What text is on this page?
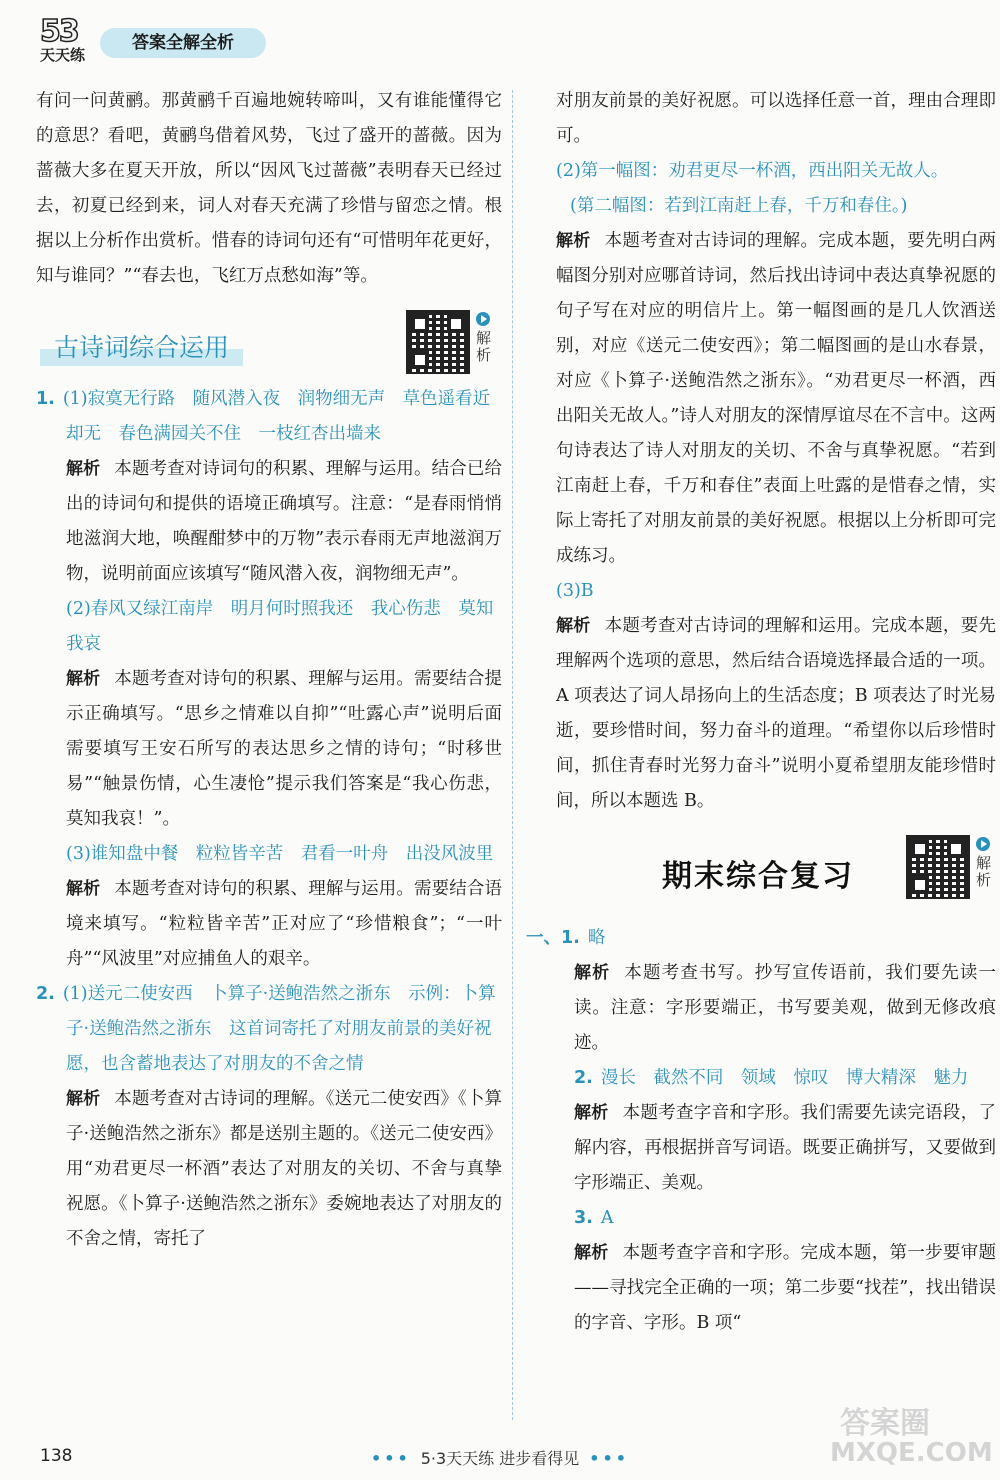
53
天天练
答案全解全析
有问一问黄鹂。那黄鹂千百遍地婉转啼叫，又有谁能懂得它的意思？看吧，黄鹂鸟借着风势，飞过了盛开的蔷薇。因为蔷薇大多在夏天开放，所以“因风飞过蔷薇”表明春天已经过去，初夏已经到来，词人对春天充满了珍惜与留恋之情。根据以上分析作出赏析。惜春的诗词句还有“可惜明年花更好，知与谁同？”“春去也，飞红万点愁如海”等。
古诗词综合运用	解析
1. (1)寂寞无行路　随风潜入夜　润物细无声　草色遥看近却无　春色满园关不住　一枝红杏出墙来
解析 本题考查对诗词句的积累、理解与运用。结合已给出的诗词句和提供的语境正确填写。注意：“是春雨悄悄地滋润大地，唤醒酣梦中的万物”表示春雨无声地滋润万物，说明前面应该填写“随风潜入夜，润物细无声”。
(2)春风又绿江南岸　明月何时照我还　我心伤悲　莫知我哀
解析 本题考查对诗句的积累、理解与运用。需要结合提示正确填写。“思乡之情难以自抑”“吐露心声”说明后面需要填写王安石所写的表达思乡之情的诗句；“时移世易”“触景伤情，心生凄怆”提示我们答案是“我心伤悲，莫知我哀！”。
(3)谁知盘中餐　粒粒皆辛苦　君看一叶舟　出没风波里
解析 本题考查对诗句的积累、理解与运用。需要结合语境来填写。“粒粒皆辛苦”正对应了“珍惜粮食”；“一叶舟”“风波里”对应捕鱼人的艰辛。
2. (1)送元二使安西　卜算子·送鲍浩然之浙东　示例：卜算子·送鲍浩然之浙东　这首词寄托了对朋友前景的美好祝愿，也含蓄地表达了对朋友的不舍之情
解析 本题考查对古诗词的理解。《送元二使安西》《卜算子·送鲍浩然之浙东》都是送别主题的。《送元二使安西》用“劝君更尽一杯酒”表达了对朋友的关切、不舍与真挚祝愿。《卜算子·送鲍浩然之浙东》委婉地表达了对朋友的不舍之情，寄托了
对朋友前景的美好祝愿。可以选择任意一首，理由合理即可。
(2)第一幅图：劝君更尽一杯酒，西出阳关无故人。
(第二幅图：若到江南赶上春，千万和春住。)
解析 本题考查对古诗词的理解。完成本题，要先明白两幅图分别对应哪首诗词，然后找出诗词中表达真挚祝愿的句子写在对应的明信片上。第一幅图画的是几人饮酒送别，对应《送元二使安西》；第二幅图画的是山水春景，对应《卜算子·送鲍浩然之浙东》。“劝君更尽一杯酒，西出阳关无故人。”诗人对朋友的深情厚谊尽在不言中。这两句诗表达了诗人对朋友的关切、不舍与真挚祝愿。“若到江南赶上春，千万和春住”表面上吐露的是惜春之情，实际上寄托了对朋友前景的美好祝愿。根据以上分析即可完成练习。
(3)B
解析 本题考查对古诗词的理解和运用。完成本题，要先理解两个选项的意思，然后结合语境选择最合适的一项。A 项表达了词人昂扬向上的生活态度；B 项表达了时光易逝，要珍惜时间，努力奋斗的道理。“希望你以后珍惜时间，抓住青春时光努力奋斗”说明小夏希望朋友能珍惜时间，所以本题选 B。
期末综合复习	解析
一、1. 略
解析 本题考查书写。抄写宣传语前，我们要先读一读。注意：字形要端正，书写要美观，做到无修改痕迹。
2. 漫长　截然不同　领域　惊叹　博大精深　魅力
解析 本题考查字音和字形。我们需要先读完语段，了解内容，再根据拼音写词语。既要正确拼写，又要做到字形端正、美观。
3. A
解析 本题考查字音和字形。完成本题，第一步要审题——寻找完全正确的一项；第二步要“找茬”，找出错误的字音、字形。B 项“
答案圈
MXQE.COM
138	••• 5·3天天练 进步看得见 •••
